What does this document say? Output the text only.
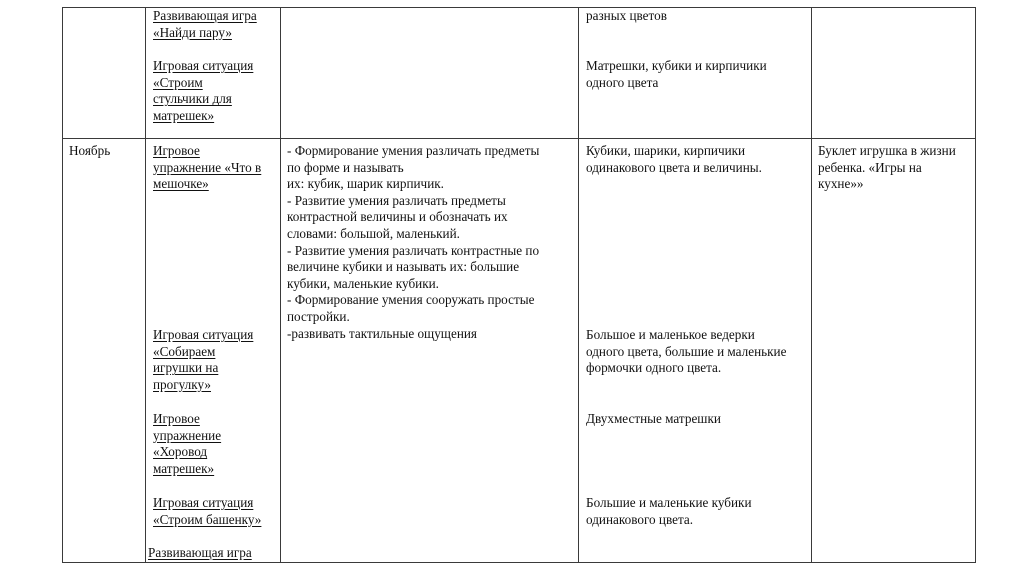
Развивающая игра
«Найди пару»
Игровая ситуация
«Строим
стульчики для
матрешек»
разных цветов
Матрешки, кубики и кирпичики
одного цвета
Ноябрь	Игровое
упражнение «Что в
мешочке»
Игровая ситуация
«Собираем
игрушки на
прогулку»
Игровое
упражнение
«Хоровод
матрешек»
Игровая ситуация
«Строим башенку»
Развивающая игра
- Формирование умения различать предметы
по форме и называть
их: кубик, шарик кирпичик.
- Развитие умения различать предметы
контрастной величины и обозначать их
словами: большой, маленький.
- Развитие умения различать контрастные по
величине кубики и называть их: большие
кубики, маленькие кубики.
- Формирование умения сооружать простые
постройки.
-развивать тактильные ощущения
Кубики, шарики, кирпичики
одинакового цвета и величины.
Большое и маленькое ведерки
одного цвета, большие и маленькие
формочки одного цвета.
Двухместные матрешки
Большие и маленькие кубики
одинакового цвета.
Буклет игрушка в жизни
ребенка. «Игры на
кухне»»
